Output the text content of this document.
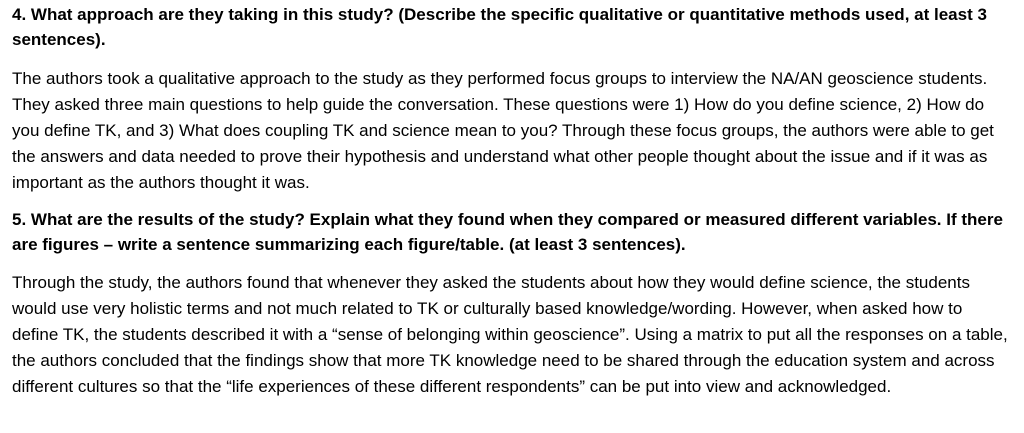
4. What approach are they taking in this study? (Describe the specific qualitative or quantitative methods used, at least 3 sentences).

The authors took a qualitative approach to the study as they performed focus groups to interview the NA/AN geoscience students. They asked three main questions to help guide the conversation. These questions were 1) How do you define science, 2) How do you define TK, and 3) What does coupling TK and science mean to you? Through these focus groups, the authors were able to get the answers and data needed to prove their hypothesis and understand what other people thought about the issue and if it was as important as the authors thought it was.

5. What are the results of the study? Explain what they found when they compared or measured different variables. If there are figures – write a sentence summarizing each figure/table. (at least 3 sentences).

Through the study, the authors found that whenever they asked the students about how they would define science, the students would use very holistic terms and not much related to TK or culturally based knowledge/wording. However, when asked how to define TK, the students described it with a “sense of belonging within geoscience”. Using a matrix to put all the responses on a table, the authors concluded that the findings show that more TK knowledge need to be shared through the education system and across different cultures so that the “life experiences of these different respondents” can be put into view and acknowledged.
